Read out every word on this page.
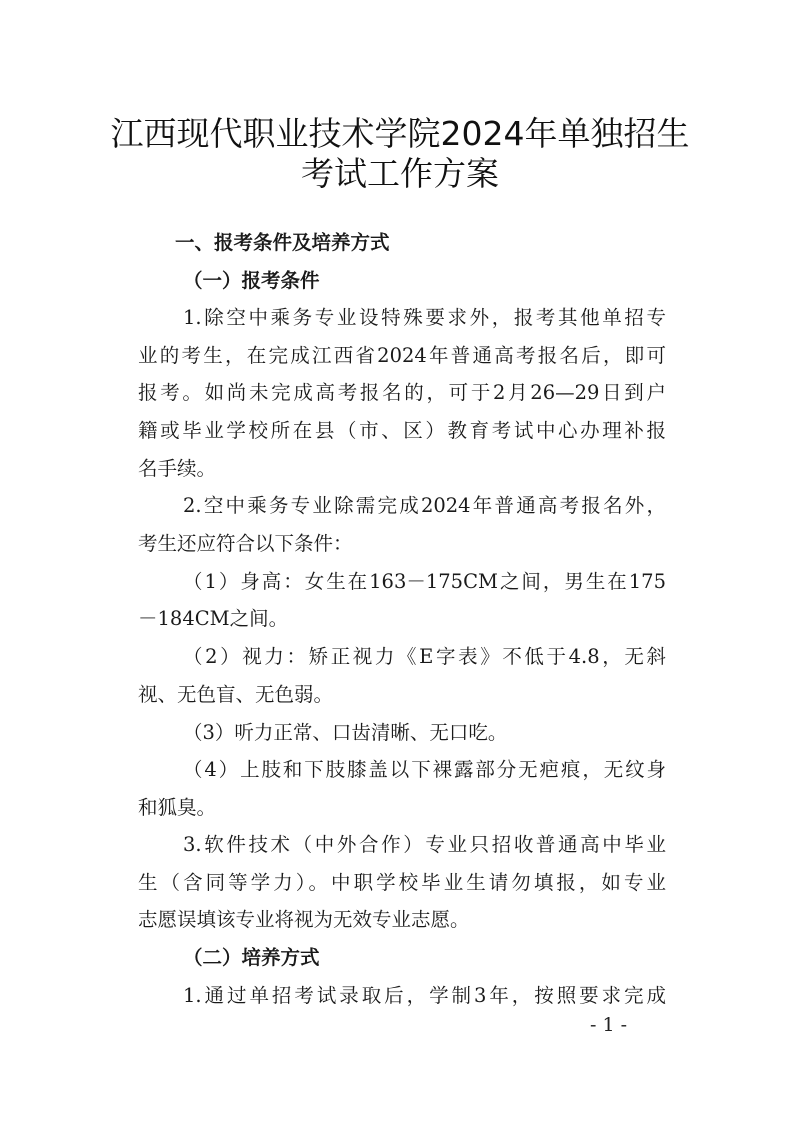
江西现代职业技术学院2024年单独招生
考试工作方案
一、报考条件及培养方式
（一）报考条件
1.除空中乘务专业设特殊要求外，报考其他单招专
业的考生，在完成江西省2024年普通高考报名后，即可
报考。如尚未完成高考报名的，可于2月26—29日到户
籍或毕业学校所在县（市、区）教育考试中心办理补报
名手续。
2.空中乘务专业除需完成2024年普通高考报名外，
考生还应符合以下条件：
（1）身高：女生在163－175CM之间，男生在175
－184CM之间。
（2）视力：矫正视力《E字表》不低于4.8，无斜
视、无色盲、无色弱。
（3）听力正常、口齿清晰、无口吃。
（4）上肢和下肢膝盖以下裸露部分无疤痕，无纹身
和狐臭。
3.软件技术（中外合作）专业只招收普通高中毕业
生（含同等学力）。中职学校毕业生请勿填报，如专业
志愿误填该专业将视为无效专业志愿。
（二）培养方式
1.通过单招考试录取后，学制3年，按照要求完成
- 1 -
